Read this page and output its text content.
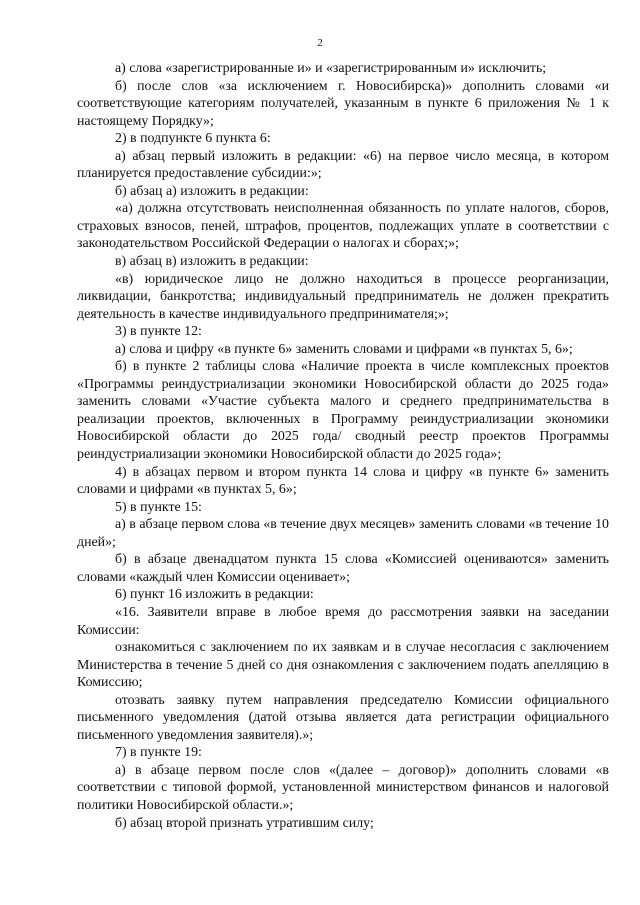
2

а) слова «зарегистрированные и» и «зарегистрированным и» исключить;

б) после слов «за исключением г. Новосибирска)» дополнить словами «и соответствующие категориям получателей, указанным в пункте 6 приложения № 1 к настоящему Порядку»;

2) в подпункте 6 пункта 6:

а) абзац первый изложить в редакции: «6) на первое число месяца, в котором планируется предоставление субсидии:»;

б) абзац а) изложить в редакции:

«а) должна отсутствовать неисполненная обязанность по уплате налогов, сборов, страховых взносов, пеней, штрафов, процентов, подлежащих уплате в соответствии с законодательством Российской Федерации о налогах и сборах;»;

в) абзац в) изложить в редакции:

«в) юридическое лицо не должно находиться в процессе реорганизации, ликвидации, банкротства; индивидуальный предприниматель не должен прекратить деятельность в качестве индивидуального предпринимателя;»;

3) в пункте 12:

а) слова и цифру «в пункте 6» заменить словами и цифрами «в пунктах 5, 6»;

б) в пункте 2 таблицы слова «Наличие проекта в числе комплексных проектов «Программы реиндустриализации экономики Новосибирской области до 2025 года» заменить словами «Участие субъекта малого и среднего предпринимательства в реализации проектов, включенных в Программу реиндустриализации экономики Новосибирской области до 2025 года/ сводный реестр проектов Программы реиндустриализации экономики Новосибирской области до 2025 года»;

4) в абзацах первом и втором пункта 14 слова и цифру «в пункте 6» заменить словами и цифрами «в пунктах 5, 6»;

5) в пункте 15:

а) в абзаце первом слова «в течение двух месяцев» заменить словами «в течение 10 дней»;

б) в абзаце двенадцатом пункта 15 слова «Комиссией оцениваются» заменить словами «каждый член Комиссии оценивает»;

6) пункт 16 изложить в редакции:

«16. Заявители вправе в любое время до рассмотрения заявки на заседании Комиссии:

ознакомиться с заключением по их заявкам и в случае несогласия с заключением Министерства в течение 5 дней со дня ознакомления с заключением подать апелляцию в Комиссию;

отозвать заявку путем направления председателю Комиссии официального письменного уведомления (датой отзыва является дата регистрации официального письменного уведомления заявителя).»;

7) в пункте 19:

а) в абзаце первом после слов «(далее – договор)» дополнить словами «в соответствии с типовой формой, установленной министерством финансов и налоговой политики Новосибирской области.»;

б) абзац второй признать утратившим силу;
